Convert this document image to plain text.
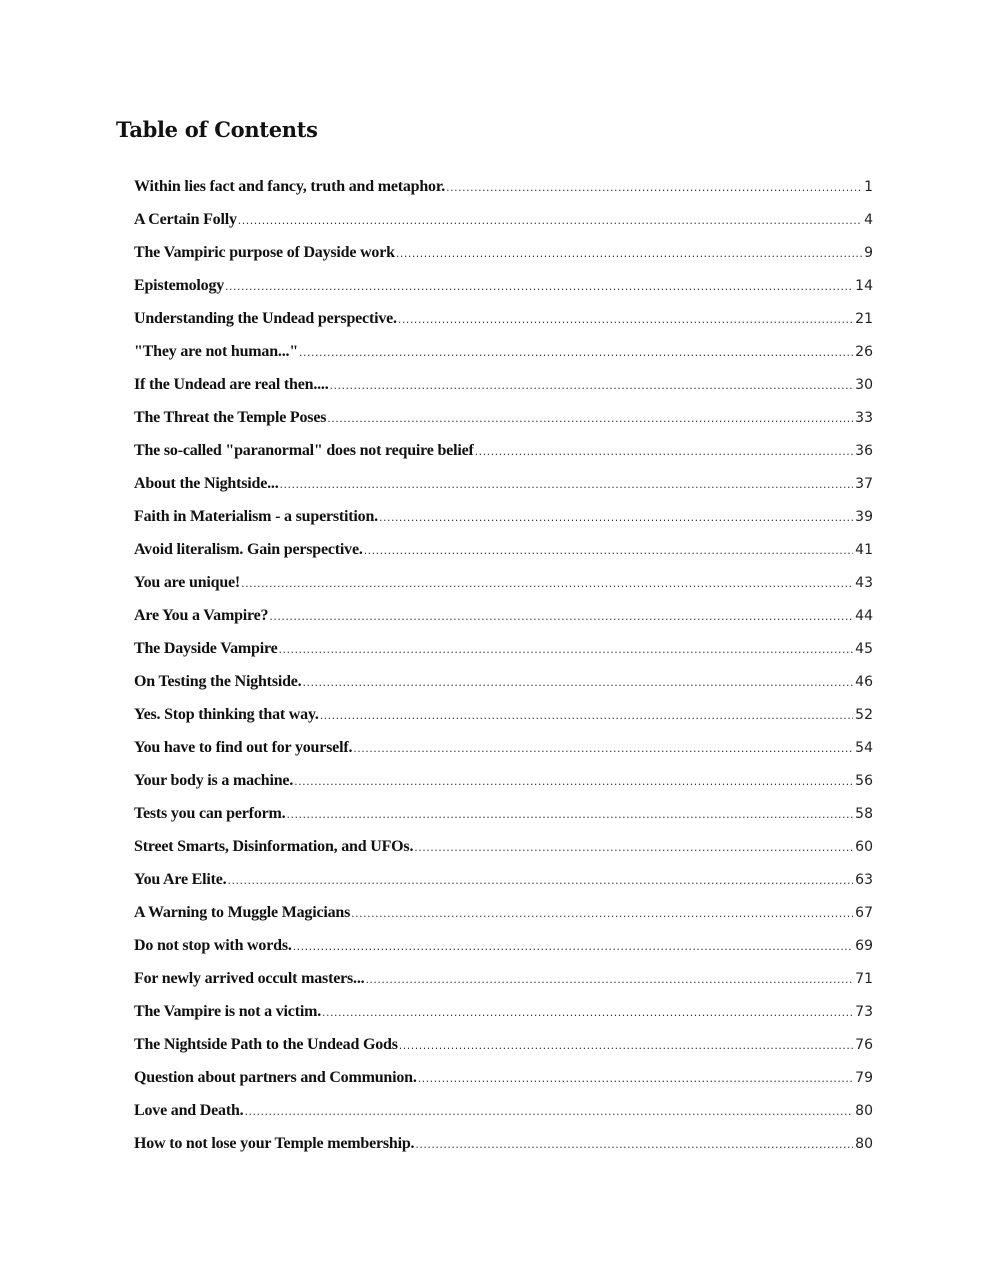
Table of Contents
Within lies fact and fancy, truth and metaphor. .....	1
A Certain Folly .....	4
The Vampiric purpose of Dayside work .....	9
Epistemology .....	14
Understanding the Undead perspective. .....	21
"They are not human..." .....	26
If the Undead are real then.... .....	30
The Threat the Temple Poses .....	33
The so-called "paranormal" does not require belief .....	36
About the Nightside... .....	37
Faith in Materialism - a superstition. .....	39
Avoid literalism. Gain perspective. .....	41
You are unique! .....	43
Are You a Vampire? .....	44
The Dayside Vampire .....	45
On Testing the Nightside. .....	46
Yes. Stop thinking that way. .....	52
You have to find out for yourself. .....	54
Your body is a machine. .....	56
Tests you can perform. .....	58
Street Smarts, Disinformation, and UFOs. .....	60
You Are Elite. .....	63
A Warning to Muggle Magicians .....	67
Do not stop with words. .....	69
For newly arrived occult masters... .....	71
The Vampire is not a victim. .....	73
The Nightside Path to the Undead Gods .....	76
Question about partners and Communion. .....	79
Love and Death. .....	80
How to not lose your Temple membership. .....	80
